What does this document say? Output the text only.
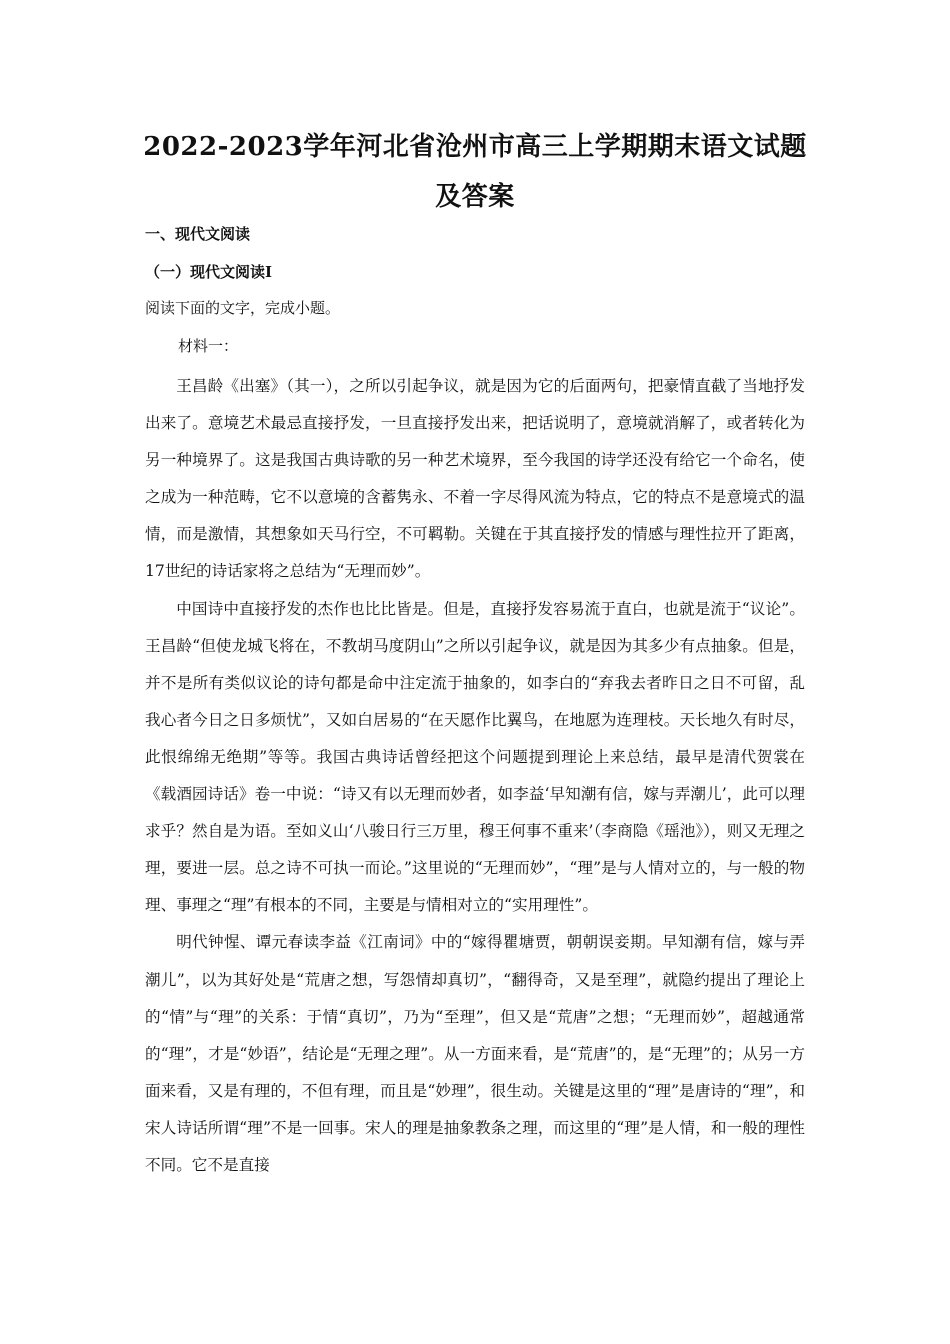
2022-2023学年河北省沧州市高三上学期期末语文试题及答案
一、现代文阅读
（一）现代文阅读Ⅰ
阅读下面的文字，完成小题。
材料一：

王昌龄《出塞》（其一），之所以引起争议，就是因为它的后面两句，把豪情直截了当地抒发出来了。意境艺术最忌直接抒发，一旦直接抒发出来，把话说明了，意境就消解了，或者转化为另一种境界了。这是我国古典诗歌的另一种艺术境界，至今我国的诗学还没有给它一个命名，使之成为一种范畴，它不以意境的含蓄隽永、不着一字尽得风流为特点，它的特点不是意境式的温情，而是激情，其想象如天马行空，不可羁勒。关键在于其直接抒发的情感与理性拉开了距离，17世纪的诗话家将之总结为“无理而妙”。

中国诗中直接抒发的杰作也比比皆是。但是，直接抒发容易流于直白，也就是流于“议论”。王昌龄“但使龙城飞将在，不教胡马度阴山”之所以引起争议，就是因为其多少有点抽象。但是，并不是所有类似议论的诗句都是命中注定流于抽象的，如李白的“弃我去者昨日之日不可留，乱我心者今日之日多烦忧”，又如白居易的“在天愿作比翼鸟，在地愿为连理枝。天长地久有时尽，此恨绵绵无绝期”等等。我国古典诗话曾经把这个问题提到理论上来总结，最早是清代贺裳在《载酒园诗话》卷一中说：“诗又有以无理而妙者，如李益‘早知潮有信，嫁与弄潮儿’，此可以理求乎？然自是为语。至如义山‘八骏日行三万里，穆王何事不重来’（李商隐《瑶池》），则又无理之理，要进一层。总之诗不可执一而论。”这里说的“无理而妙”，“理”是与人情对立的，与一般的物理、事理之“理”有根本的不同，主要是与情相对立的“实用理性”。

明代钟惺、谭元春读李益《江南词》中的“嫁得瞿塘贾，朝朝误妾期。早知潮有信，嫁与弄潮儿”，以为其好处是“荒唐之想，写怨情却真切”，“翻得奇，又是至理”，就隐约提出了理论上的“情”与“理”的关系：于情“真切”，乃为“至理”，但又是“荒唐”之想；“无理而妙”，超越通常的“理”，才是“妙语”，结论是“无理之理”。从一方面来看，是“荒唐”的，是“无理”的；从另一方面来看，又是有理的，不但有理，而且是“妙理”，很生动。关键是这里的“理”是唐诗的“理”，和宋人诗话所谓“理”不是一回事。宋人的理是抽象教条之理，而这里的“理”是人情，和一般的理性不同。它不是直接
